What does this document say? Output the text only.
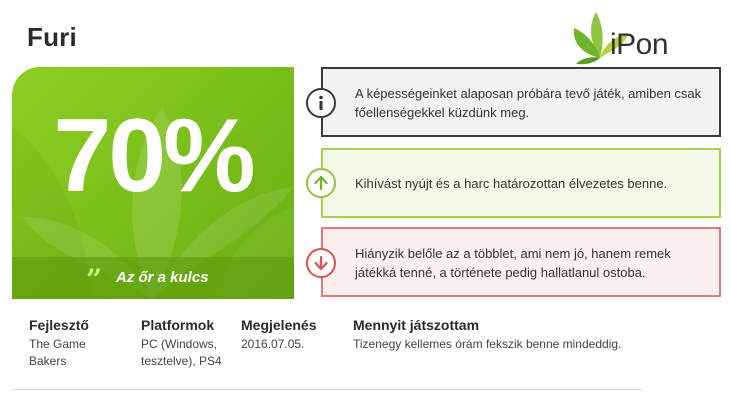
Furi	iPon
70%
” Az őr a kulcs
A képességeinket alaposan próbára tevő játék, amiben csak főellenségekkel küzdünk meg.
Kihívást nyújt és a harc határozottan élvezetes benne.
Hiányzik belőle az a többlet, ami nem jó, hanem remek játékká tenné, a története pedig hallatlanul ostoba.
Fejlesztő
The Game Bakers
Platformok
PC (Windows, tesztelve), PS4
Megjelenés
2016.07.05.
Mennyit játszottam
Tizenegy kellemes órám fekszik benne mindeddig.
